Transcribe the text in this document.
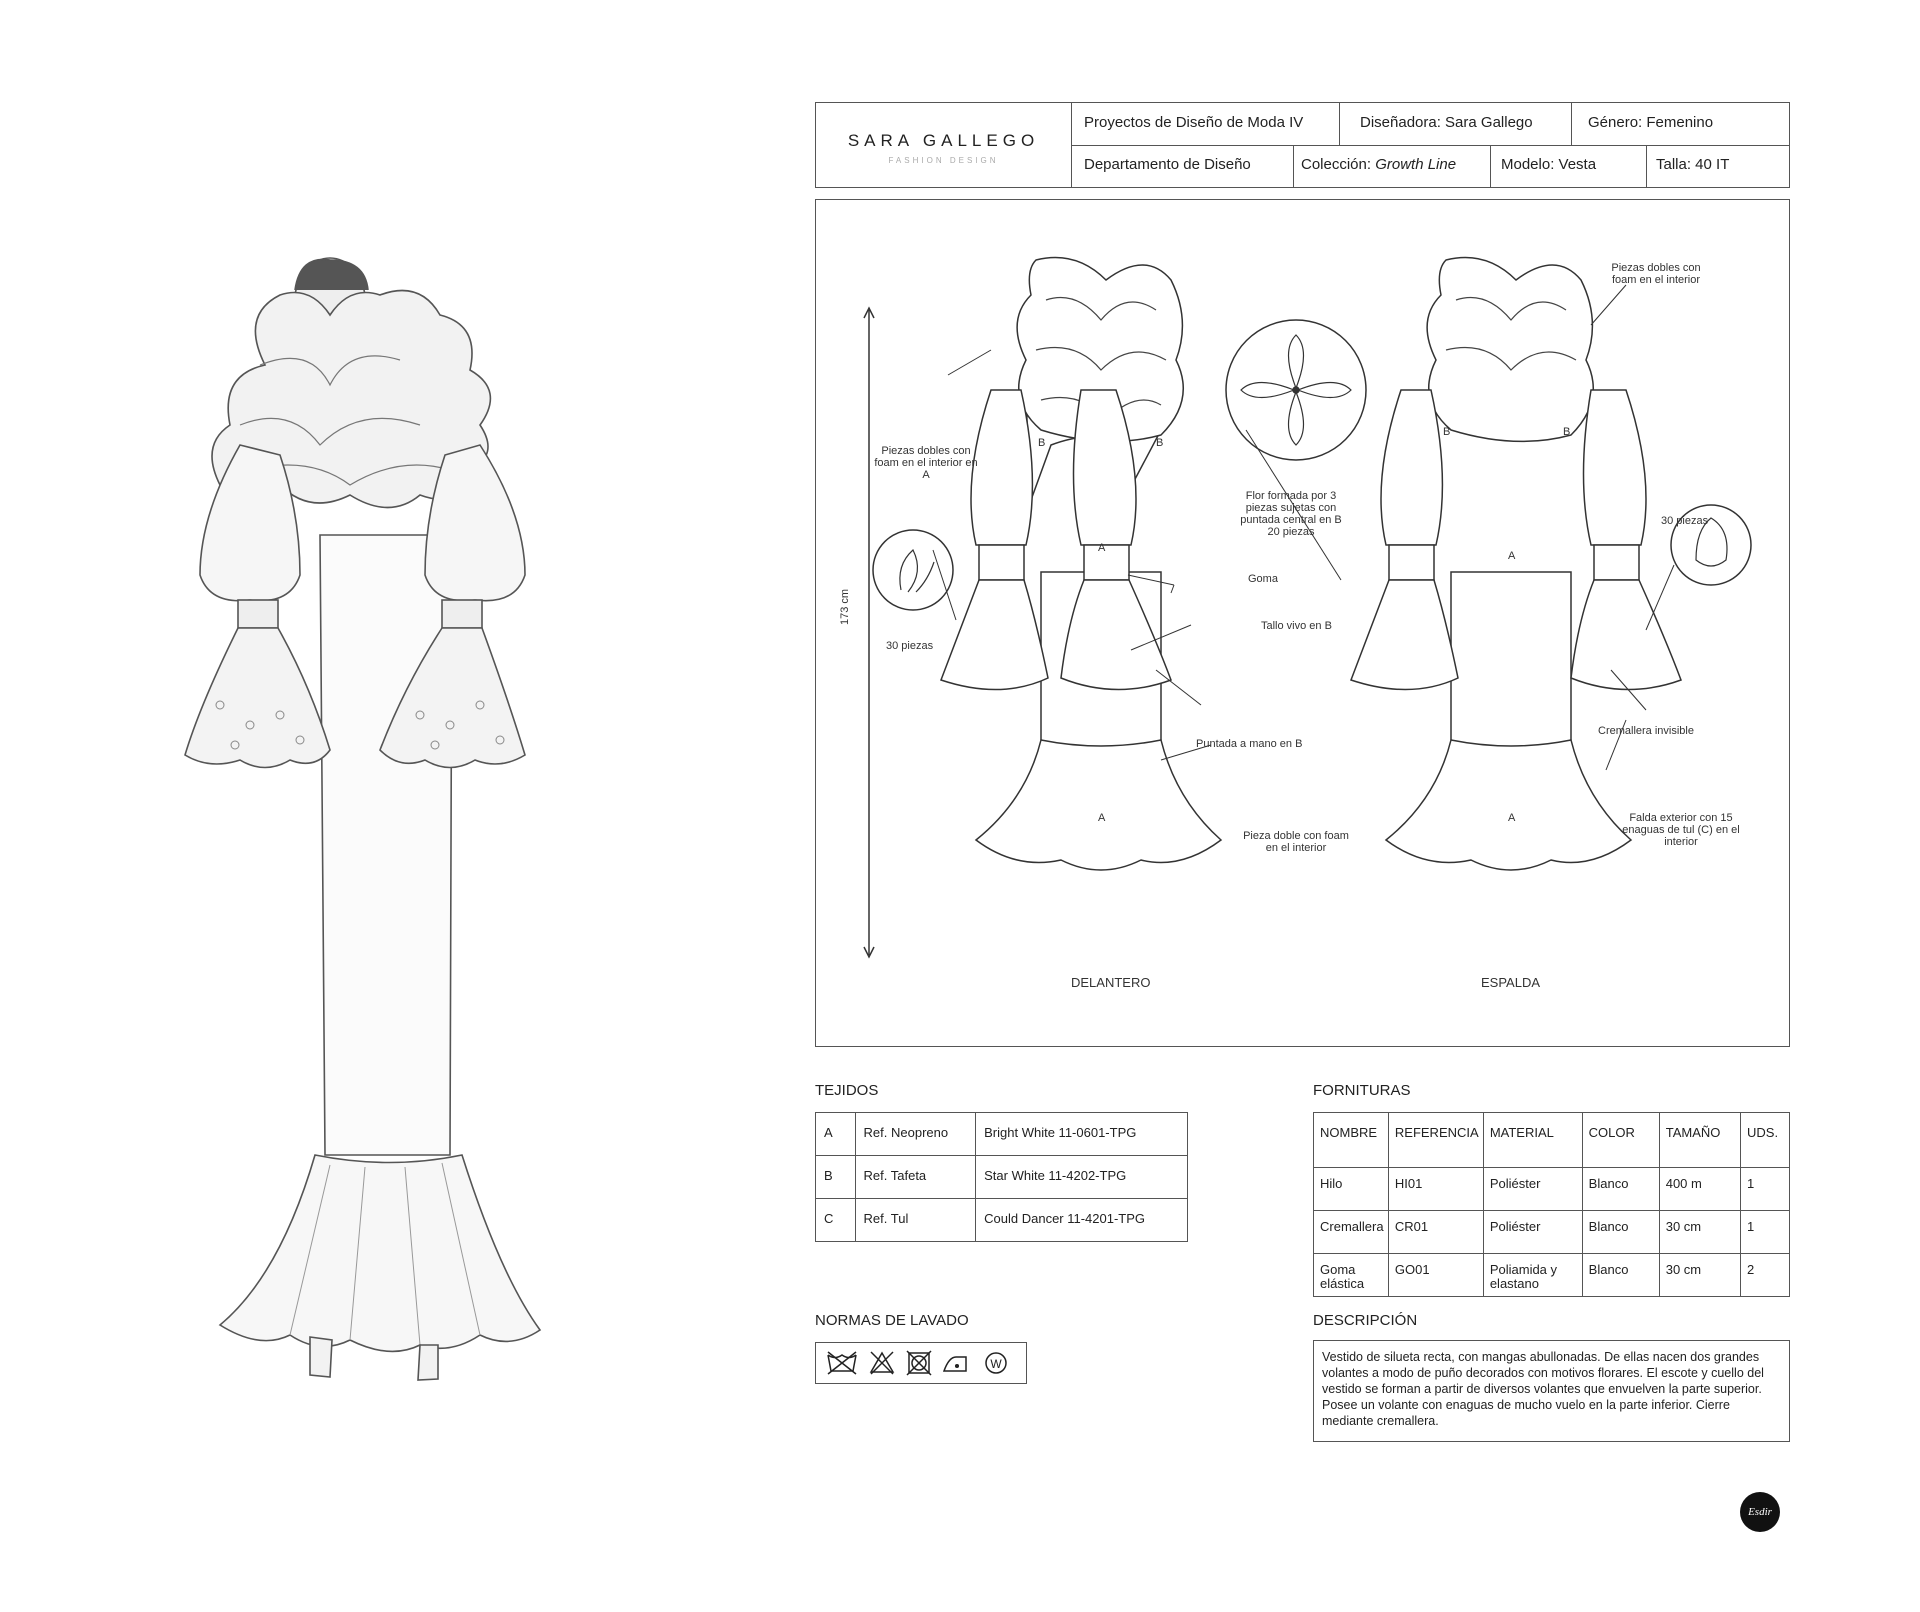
SARA GALLEGO
FASHION DESIGN
Proyectos de Diseño de Moda IV	Diseñadora: Sara Gallego	Género: Femenino
Departamento de Diseño	Colección: Growth Line	Modelo: Vesta	Talla: 40 IT
173 cm
DELANTERO	ESPALDA
B	B
A
A
B	B
A
A
Piezas dobles con foam en el interior en A
30 piezas
Flor formada por 3 piezas sujetas con puntada central en B 20 piezas
Goma
Tallo vivo en B
Puntada a mano en B
Pieza doble con foam en el interior
Piezas dobles con foam en el interior
30 piezas
Cremallera invisible
Falda exterior con 15 enaguas de tul (C) en el interior
TEJIDOS
A	Ref. Neopreno	Bright White 11-0601-TPG
B	Ref. Tafeta	Star White 11-4202-TPG
C	Ref. Tul	Could Dancer 11-4201-TPG
FORNITURAS
NOMBRE	REFERENCIA	MATERIAL	COLOR	TAMAÑO	UDS.
Hilo	HI01	Poliéster	Blanco	400 m	1
Cremallera	CR01	Poliéster	Blanco	30 cm	1
Goma elástica	GO01	Poliamida y elastano	Blanco	30 cm	2
NORMAS DE LAVADO
W
DESCRIPCIÓN
Vestido de silueta recta, con mangas abullonadas. De ellas nacen dos grandes volantes a modo de puño decorados con motivos florares. El escote y cuello del vestido se forman a partir de diversos volantes que envuelven la parte superior. Posee un volante con enaguas de mucho vuelo en la parte inferior. Cierre mediante cremallera.
Esdir
